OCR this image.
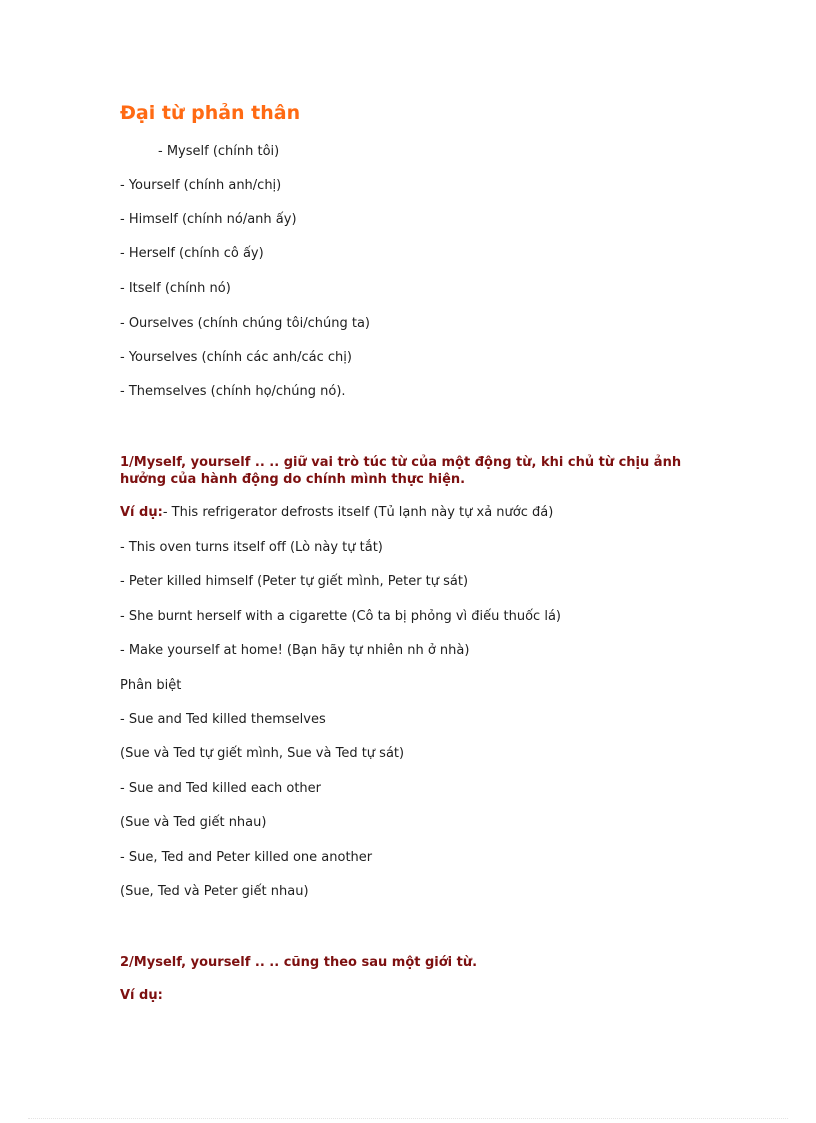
Đại từ phản thân
- Myself (chính tôi)
- Yourself (chính anh/chị)
- Himself (chính nó/anh ấy)
- Herself (chính cô ấy)
- Itself (chính nó)
- Ourselves (chính chúng tôi/chúng ta)
- Yourselves (chính các anh/các chị)
- Themselves (chính họ/chúng nó).
1/Myself, yourself .. .. giữ vai trò túc từ của một động từ, khi chủ từ chịu ảnh hưởng của hành động do chính mình thực hiện.
Ví dụ:- This refrigerator defrosts itself (Tủ lạnh này tự xả nước đá)
- This oven turns itself off (Lò này tự tắt)
- Peter killed himself (Peter tự giết mình, Peter tự sát)
- She burnt herself with a cigarette (Cô ta bị phỏng vì điếu thuốc lá)
- Make yourself at home! (Bạn hãy tự nhiên nh ở nhà)
Phân biệt
- Sue and Ted killed themselves
(Sue và Ted tự giết mình, Sue và Ted tự sát)
- Sue and Ted killed each other
(Sue và Ted giết nhau)
- Sue, Ted and Peter killed one another
(Sue, Ted và Peter giết nhau)
2/Myself, yourself .. .. cũng theo sau một giới từ.
Ví dụ:
